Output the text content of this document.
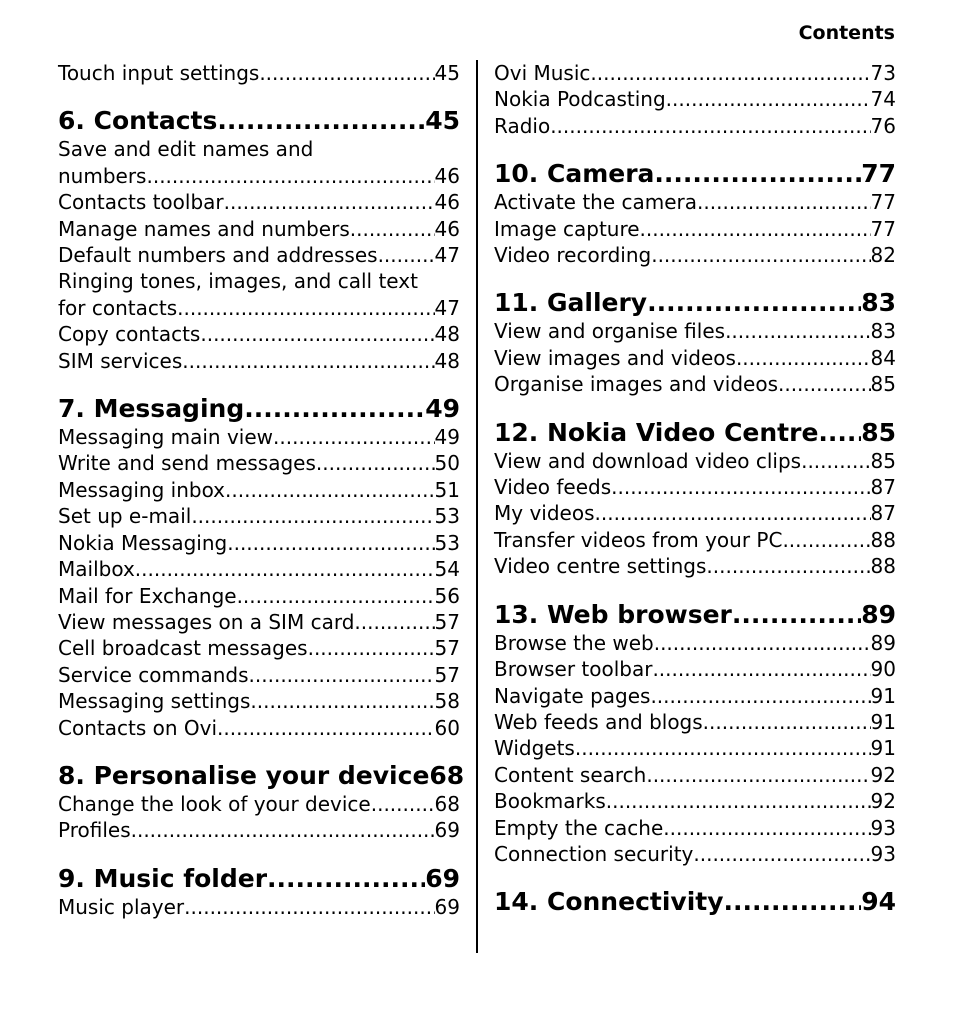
Contents
Touch input settings .....	45
6. Contacts .....	45
Save and edit names and
numbers .....	46
Contacts toolbar .....	46
Manage names and numbers .....	46
Default numbers and addresses .....	47
Ringing tones, images, and call text
for contacts .....	47
Copy contacts .....	48
SIM services .....	48
7. Messaging .....	49
Messaging main view .....	49
Write and send messages .....	50
Messaging inbox .....	51
Set up e-mail .....	53
Nokia Messaging .....	53
Mailbox .....	54
Mail for Exchange .....	56
View messages on a SIM card .....	57
Cell broadcast messages .....	57
Service commands .....	57
Messaging settings .....	58
Contacts on Ovi .....	60
8. Personalise your device 68
Change the look of your device .....	68
Profiles .....	69
9. Music folder .....	69
Music player .....	69
Ovi Music .....	73
Nokia Podcasting .....	74
Radio .....	76
10. Camera .....	77
Activate the camera .....	77
Image capture .....	77
Video recording .....	82
11. Gallery .....	83
View and organise files .....	83
View images and videos .....	84
Organise images and videos .....	85
12. Nokia Video Centre ..... 85
View and download video clips .....	85
Video feeds .....	87
My videos .....	87
Transfer videos from your PC .....	88
Video centre settings .....	88
13. Web browser .....	89
Browse the web .....	89
Browser toolbar .....	90
Navigate pages .....	91
Web feeds and blogs .....	91
Widgets .....	91
Content search .....	92
Bookmarks .....	92
Empty the cache .....	93
Connection security .....	93
14. Connectivity .....	94
